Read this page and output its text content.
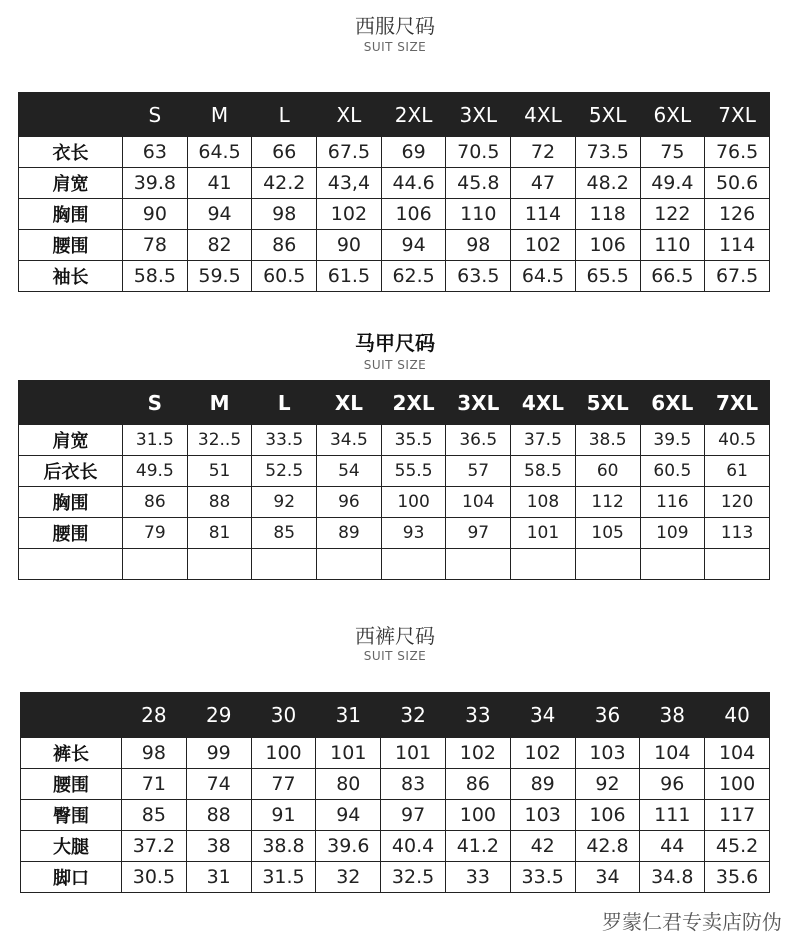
西服尺码
SUIT SIZE
	S	M	L	XL	2XL	3XL	4XL	5XL	6XL	7XL
衣长	63	64.5	66	67.5	69	70.5	72	73.5	75	76.5
肩宽	39.8	41	42.2	43,4	44.6	45.8	47	48.2	49.4	50.6
胸围	90	94	98	102	106	110	114	118	122	126
腰围	78	82	86	90	94	98	102	106	110	114
袖长	58.5	59.5	60.5	61.5	62.5	63.5	64.5	65.5	66.5	67.5
马甲尺码
SUIT SIZE
	S	M	L	XL	2XL	3XL	4XL	5XL	6XL	7XL
肩宽	31.5	32..5	33.5	34.5	35.5	36.5	37.5	38.5	39.5	40.5
后衣长	49.5	51	52.5	54	55.5	57	58.5	60	60.5	61
胸围	86	88	92	96	100	104	108	112	116	120
腰围	79	81	85	89	93	97	101	105	109	113

西裤尺码
SUIT SIZE
	28	29	30	31	32	33	34	36	38	40
裤长	98	99	100	101	101	102	102	103	104	104
腰围	71	74	77	80	83	86	89	92	96	100
臀围	85	88	91	94	97	100	103	106	111	117
大腿	37.2	38	38.8	39.6	40.4	41.2	42	42.8	44	45.2
脚口	30.5	31	31.5	32	32.5	33	33.5	34	34.8	35.6
罗蒙仁君专卖店防伪
